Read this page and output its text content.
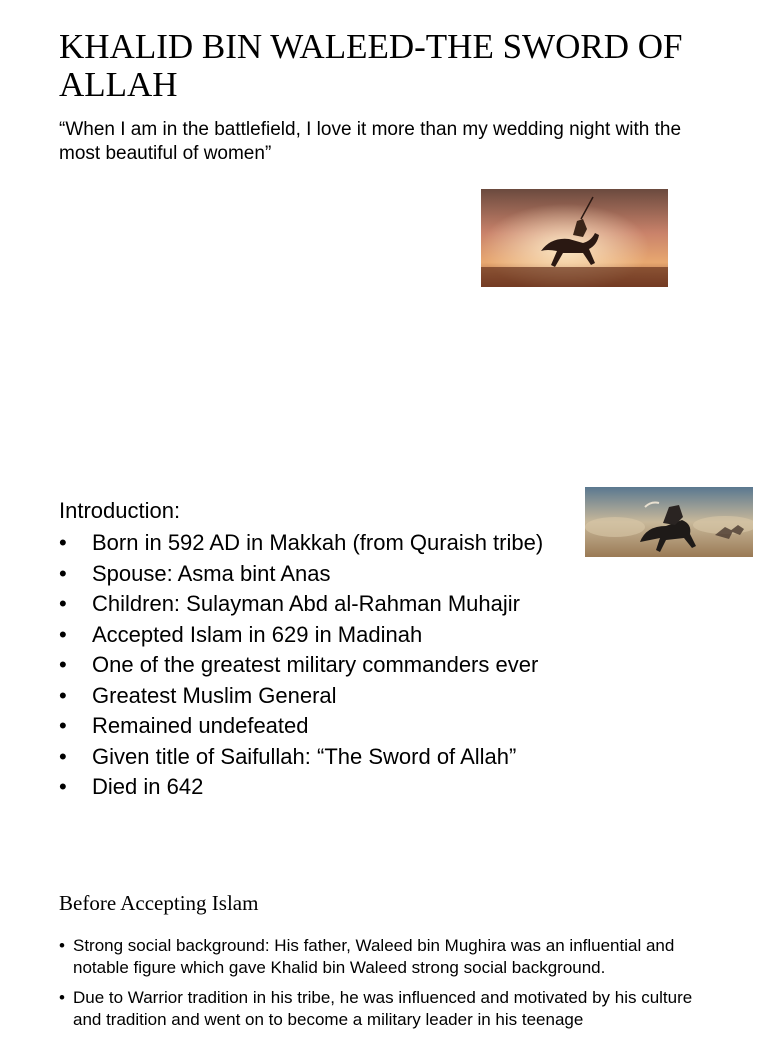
KHALID BIN WALEED-THE SWORD OF ALLAH

“When I am in the battlefield, I love it more than my wedding night with the most beautiful of women”

Introduction:

• Born in 592 AD in Makkah (from Quraish tribe)
• Spouse: Asma bint Anas
• Children: Sulayman Abd al-Rahman Muhajir
• Accepted Islam in 629 in Madinah
• One of the greatest military commanders ever
• Greatest Muslim General
• Remained undefeated
• Given title of Saifullah: “The Sword of Allah”
• Died in 642
Before Accepting Islam
• Strong social background: His father, Waleed bin Mughira was an influential and notable figure which gave Khalid bin Waleed strong social background.
• Due to Warrior tradition in his tribe, he was influenced and motivated by his culture and tradition and went on to become a military leader in his teenage
